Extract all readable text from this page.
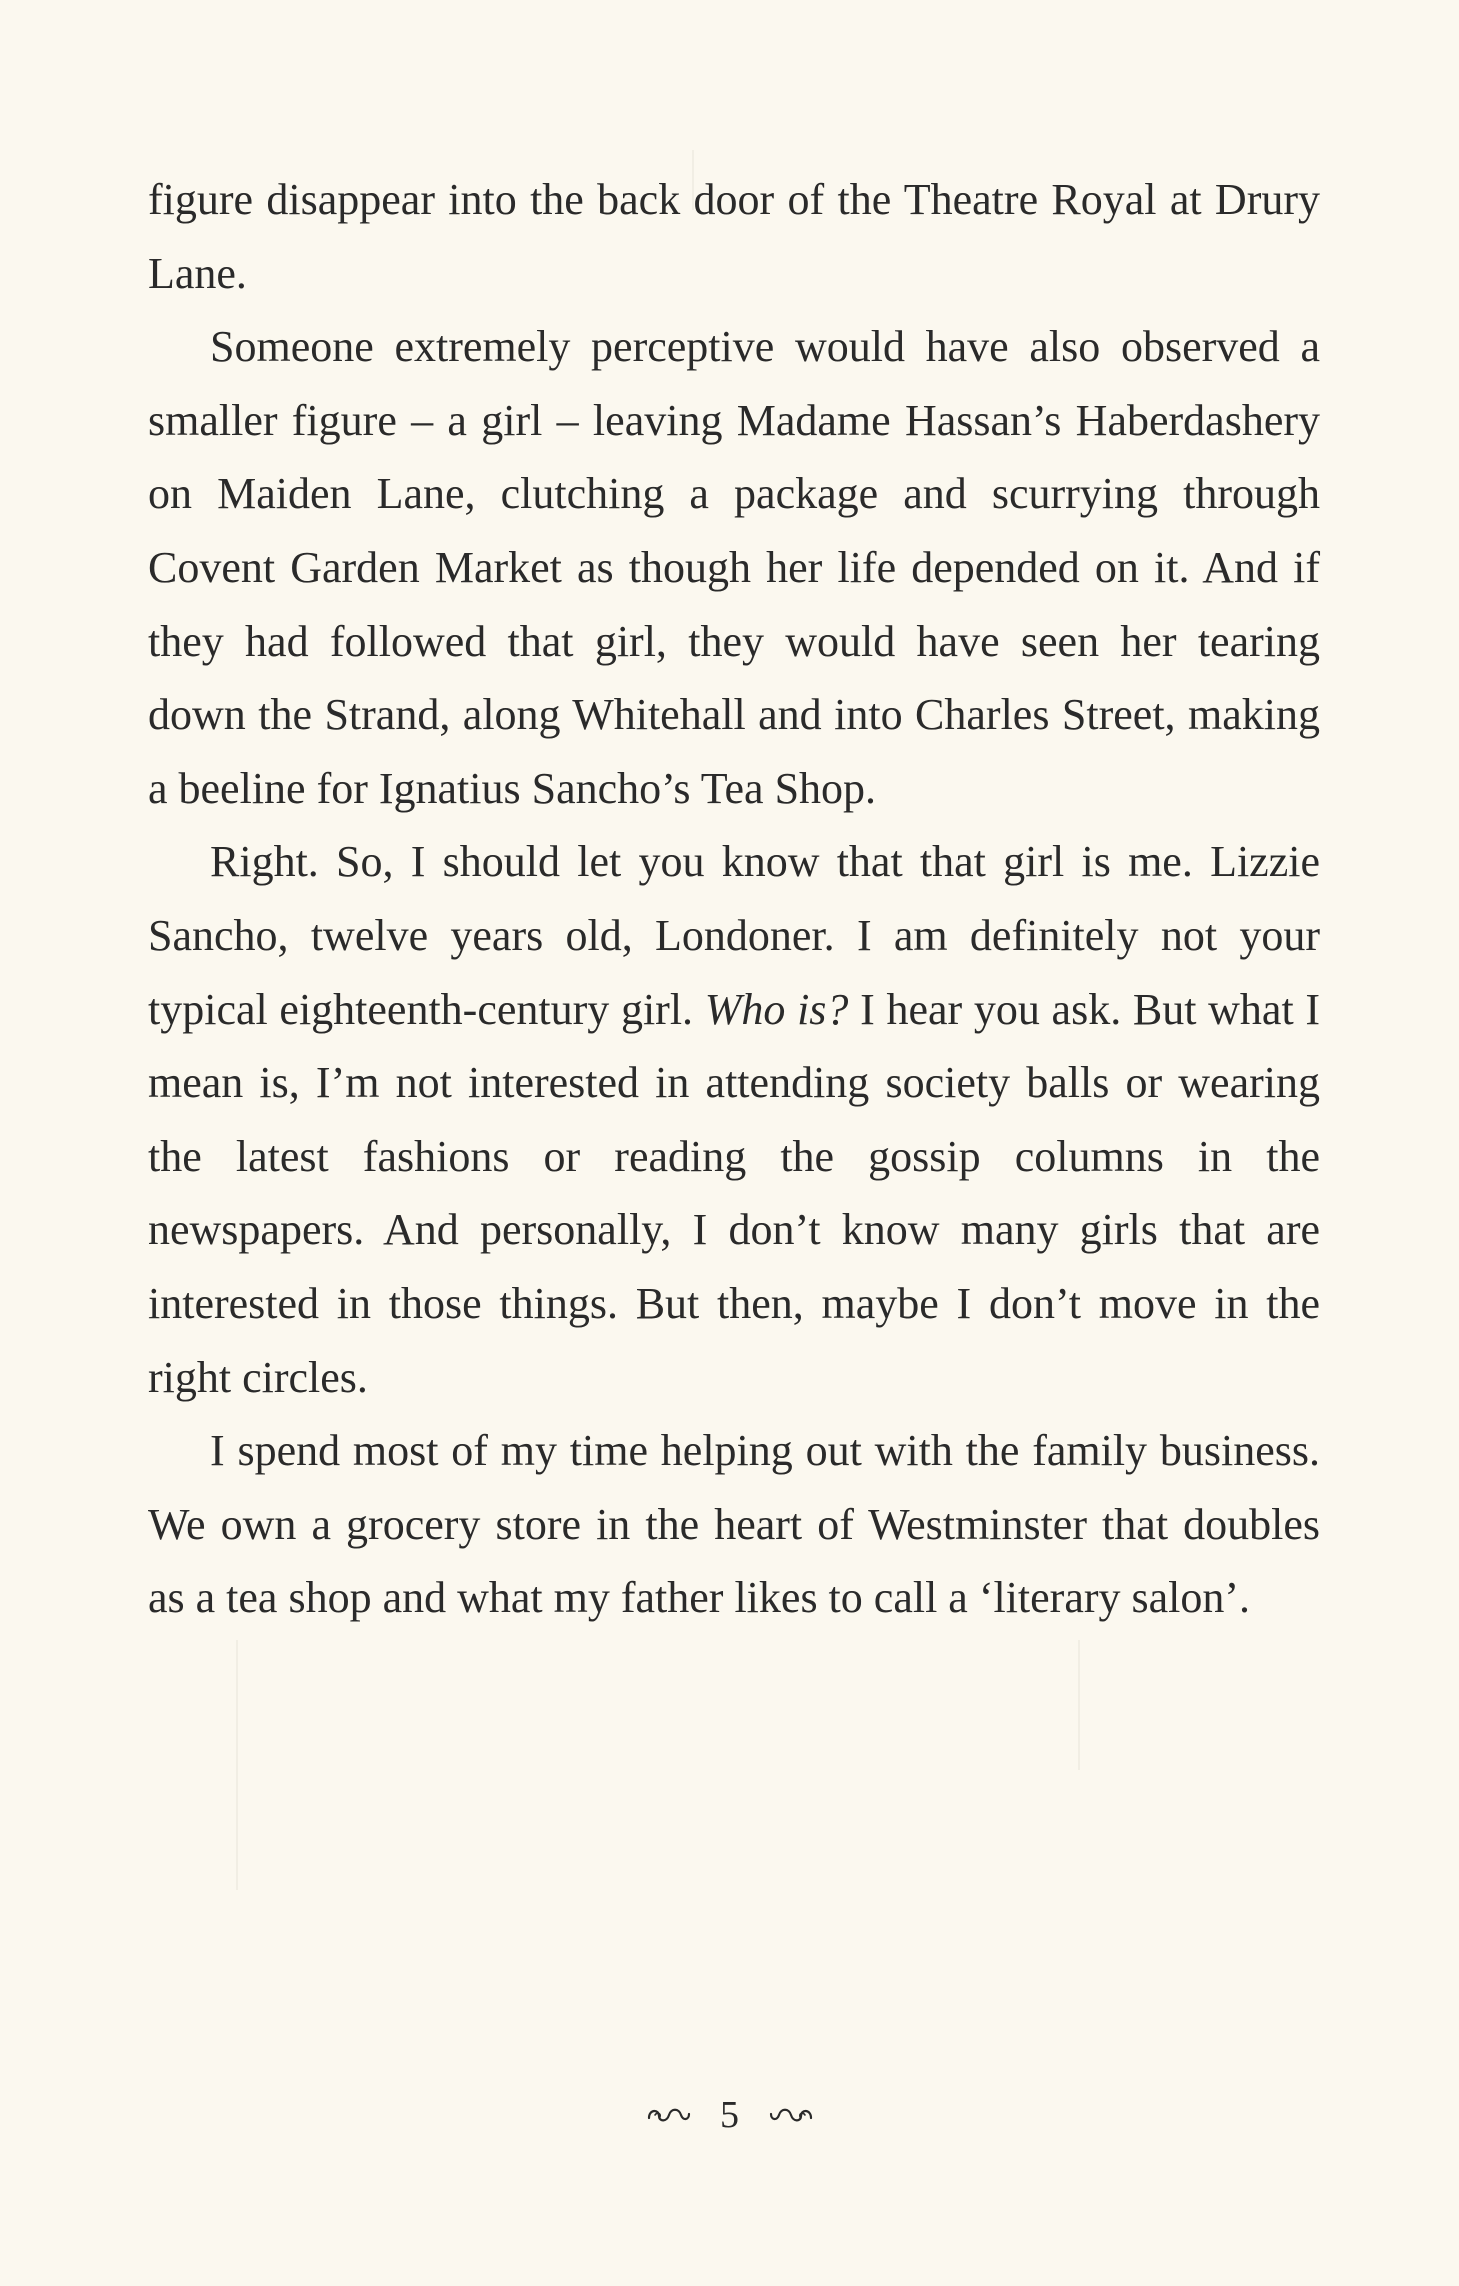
figure disappear into the back door of the Theatre Royal at Drury Lane.

Someone extremely perceptive would have also observed a smaller figure – a girl – leaving Madame Hassan’s Haberdashery on Maiden Lane, clutching a package and scurrying through Covent Garden Market as though her life depended on it. And if they had followed that girl, they would have seen her tearing down the Strand, along Whitehall and into Charles Street, making a beeline for Ignatius Sancho’s Tea Shop.

Right. So, I should let you know that that girl is me. Lizzie Sancho, twelve years old, Londoner. I am definitely not your typical eighteenth-century girl. Who is? I hear you ask. But what I mean is, I’m not interested in attending society balls or wearing the latest fashions or reading the gossip columns in the newspapers. And personally, I don’t know many girls that are interested in those things. But then, maybe I don’t move in the right circles.

I spend most of my time helping out with the family business. We own a grocery store in the heart of Westminster that doubles as a tea shop and what my father likes to call a ‘literary salon’.

5
